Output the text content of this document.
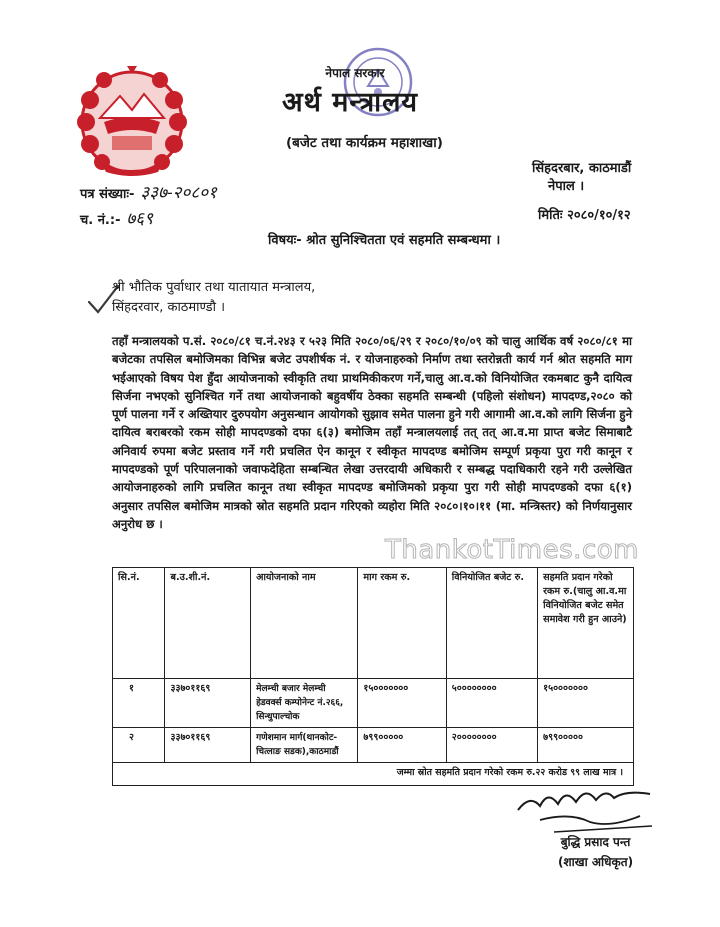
नेपाल सरकार
अर्थ मन्त्रालय
(बजेट तथा कार्यक्रम महाशाखा)
सिंहदरबार, काठमाडौं
नेपाल ।
पत्र संख्याः- ३३७-२०८०१
च. नं.:- ७६९	मितिः २०८०/१०/१२
विषयः- श्रोत सुनिश्चितता एवं सहमति सम्बन्धमा ।
श्री भौतिक पुर्वाधार तथा यातायात मन्त्रालय,
सिंहदरवार, काठमाण्डौ ।
तहाँ मन्त्रालयको प.सं. २०८०/८१ च.नं.२४३ र ५२३ मिति २०८०/०६/२९ र २०८०/१०/०९ को चालु आर्थिक वर्ष २०८०/८१ मा बजेटका तपसिल बमोजिमका विभिन्न बजेट उपशीर्षक नं. र योजनाहरुको निर्माण तथा स्तरोन्नती कार्य गर्न श्रोत सहमति माग भईआएको विषय पेश हुँदा आयोजनाको स्वीकृति तथा प्राथमिकीकरण गर्ने,चालु आ.व.को विनियोजित रकमबाट कुनै दायित्व सिर्जना नभएको सुनिश्चित गर्ने तथा आयोजनाको बहुवर्षीय ठेक्का सहमति सम्बन्धी (पहिलो संशोधन) मापदण्ड,२०८० को पूर्ण पालना गर्ने र अख्तियार दुरुपयोग अनुसन्धान आयोगको सुझाव समेत पालना हुने गरी आगामी आ.व.को लागि सिर्जना हुने दायित्व बराबरको रकम सोही मापदण्डको दफा ६(३) बमोजिम तहाँ मन्त्रालयलाई तत् तत् आ.व.मा प्राप्त बजेट सिमाबाटै अनिवार्य रुपमा बजेट प्रस्ताव गर्ने गरी प्रचलित ऐन कानून र स्वीकृत मापदण्ड बमोजिम सम्पूर्ण प्रकृया पुरा गरी कानून र मापदण्डको पूर्ण परिपालनाको जवाफदेहिता सम्बन्धित लेखा उत्तरदायी अधिकारी र सम्बद्ध पदाधिकारी रहने गरी उल्लेखित आयोजनाहरुको लागि प्रचलित कानून तथा स्वीकृत मापदण्ड बमोजिमको प्रकृया पुरा गरी सोही मापदण्डको दफा ६(१) अनुसार तपसिल बमोजिम मात्रको स्रोत सहमति प्रदान गरिएको व्यहोरा मिति २०८०।१०।११ (मा. मन्त्रिस्तर) को निर्णयानुसार अनुरोध छ ।
ThankotTimes.com
सि.नं.	ब.उ.शी.नं.	आयोजनाको नाम	माग रकम रु.	विनियोजित बजेट रु.	सहमति प्रदान गरेको रकम रु.(चालु आ.व.मा विनियोजित बजेट समेत समावेश गरी हुन आउने)
१	३३७०११६९	मेलम्ची बजार मेलम्ची हेडवर्क्स कम्पोनेन्ट नं.२६६, सिन्धुपाल्चोक	१५०००००००	५००००००००	१५०००००००
२	३३७०११६९	गणेशमान मार्ग(थानकोट-चित्लाङ सडक),काठमाडौं	७९९०००००	२००००००००	७९९०००००
जम्मा स्रोत सहमति प्रदान गरेको रकम रु.२२ करोड ९९ लाख मात्र ।					
बुद्धि प्रसाद पन्त
(शाखा अधिकृत)
